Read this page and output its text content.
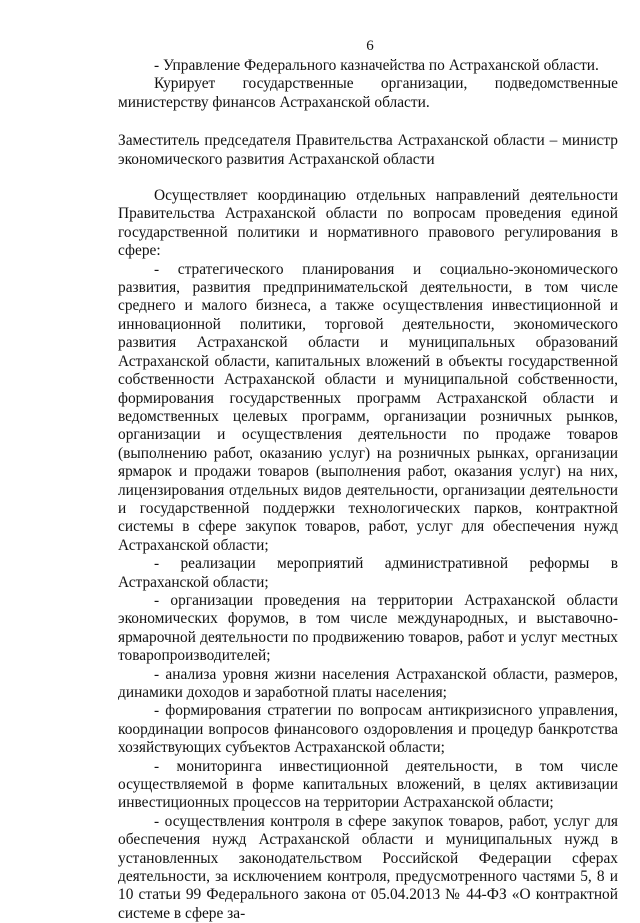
6

- Управление Федерального казначейства по Астраханской области.

Курирует государственные организации, подведомственные министерству финансов Астраханской области.

Заместитель председателя Правительства Астраханской области – министр экономического развития Астраханской области

Осуществляет координацию отдельных направлений деятельности Правительства Астраханской области по вопросам проведения единой государственной политики и нормативного правового регулирования в сфере:

- стратегического планирования и социально-экономического развития, развития предпринимательской деятельности, в том числе среднего и малого бизнеса, а также осуществления инвестиционной и инновационной политики, торговой деятельности, экономического развития Астраханской области и муниципальных образований Астраханской области, капитальных вложений в объекты государственной собственности Астраханской области и муниципальной собственности, формирования государственных программ Астраханской области и ведомственных целевых программ, организации розничных рынков, организации и осуществления деятельности по продаже товаров (выполнению работ, оказанию услуг) на розничных рынках, организации ярмарок и продажи товаров (выполнения работ, оказания услуг) на них, лицензирования отдельных видов деятельности, организации деятельности и государственной поддержки технологических парков, контрактной системы в сфере закупок товаров, работ, услуг для обеспечения нужд Астраханской области;

- реализации мероприятий административной реформы в Астраханской области;

- организации проведения на территории Астраханской области экономических форумов, в том числе международных, и выставочно-ярмарочной деятельности по продвижению товаров, работ и услуг местных товаропроизводителей;

- анализа уровня жизни населения Астраханской области, размеров, динамики доходов и заработной платы населения;

- формирования стратегии по вопросам антикризисного управления, координации вопросов финансового оздоровления и процедур банкротства хозяйствующих субъектов Астраханской области;

- мониторинга инвестиционной деятельности, в том числе осуществляемой в форме капитальных вложений, в целях активизации инвестиционных процессов на территории Астраханской области;

- осуществления контроля в сфере закупок товаров, работ, услуг для обеспечения нужд Астраханской области и муниципальных нужд в установленных законодательством Российской Федерации сферах деятельности, за исключением контроля, предусмотренного частями 5, 8 и 10 статьи 99 Федерального закона от 05.04.2013 № 44-ФЗ «О контрактной системе в сфере за-
